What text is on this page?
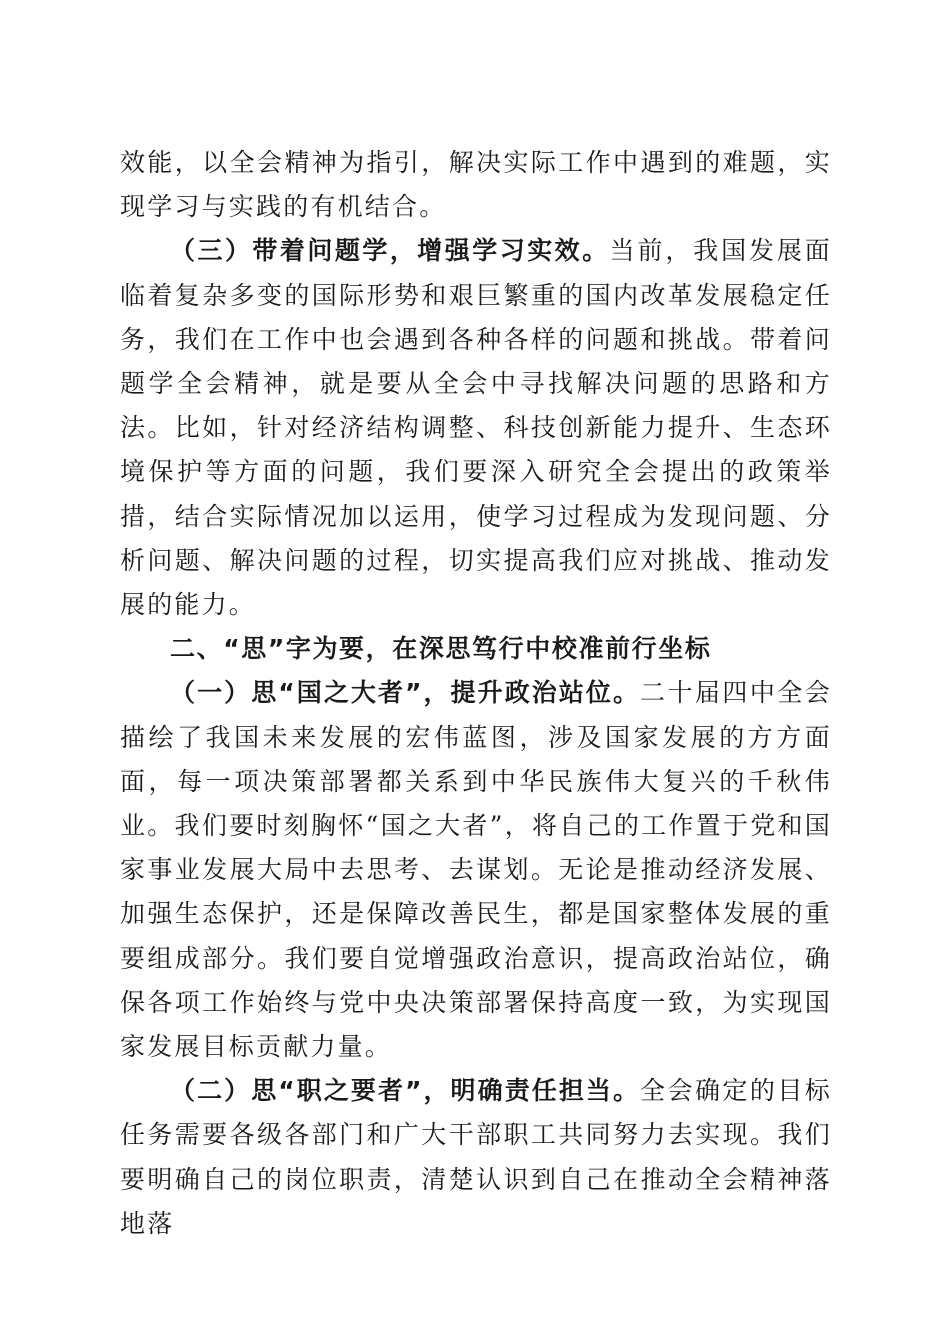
效能，以全会精神为指引，解决实际工作中遇到的难题，实现学习与实践的有机结合。

（三）带着问题学，增强学习实效。当前，我国发展面临着复杂多变的国际形势和艰巨繁重的国内改革发展稳定任务，我们在工作中也会遇到各种各样的问题和挑战。带着问题学全会精神，就是要从全会中寻找解决问题的思路和方法。比如，针对经济结构调整、科技创新能力提升、生态环境保护等方面的问题，我们要深入研究全会提出的政策举措，结合实际情况加以运用，使学习过程成为发现问题、分析问题、解决问题的过程，切实提高我们应对挑战、推动发展的能力。

二、“思”字为要，在深思笃行中校准前行坐标

（一）思“国之大者”，提升政治站位。二十届四中全会描绘了我国未来发展的宏伟蓝图，涉及国家发展的方方面面，每一项决策部署都关系到中华民族伟大复兴的千秋伟业。我们要时刻胸怀“国之大者”，将自己的工作置于党和国家事业发展大局中去思考、去谋划。无论是推动经济发展、加强生态保护，还是保障改善民生，都是国家整体发展的重要组成部分。我们要自觉增强政治意识，提高政治站位，确保各项工作始终与党中央决策部署保持高度一致，为实现国家发展目标贡献力量。

（二）思“职之要者”，明确责任担当。全会确定的目标任务需要各级各部门和广大干部职工共同努力去实现。我们要明确自己的岗位职责，清楚认识到自己在推动全会精神落地落
